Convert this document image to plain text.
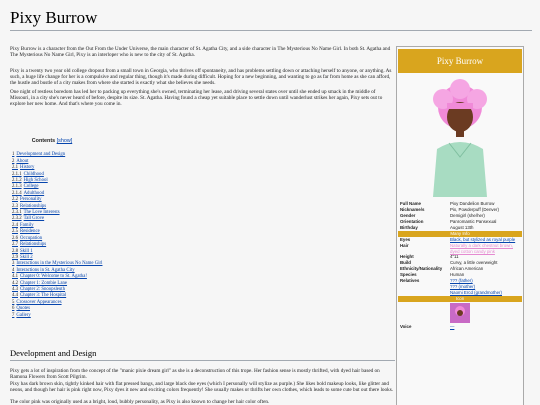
Pixy Burrow
Pixy Burrow is a character from the Out From the Under Universe, the main character of St. Agatha City, and a side character in The Mysterious No Name Girl. In both St. Agatha and The Mysterious No Name Girl, Pixy is an interloper who is new to the city of St. Agatha.
Pixy is a twenty two year old college dropout from a small town in Georgia, who thrives off spontaneity, and has problems settling down or attaching herself to anyone, or anything. As such, a huge life change for her is a compulsive and regular thing, though it's made during difficult. Hoping for a new beginning, and wanting to go as far from home as she can afford, the hustle and bustle of a city makes from where she started is exactly what she believes she needs.
One night of restless boredom has led her to packing up everything she's owned, terminating her lease, and driving several states over until she ended up smack in the middle of Missouri, in a city she's never heard of before, despite its size. St. Agatha. Having found a cheap yet suitable place to settle down until wanderlust strikes her again, Pixy sets out to explore her new home. And that's where you come in.
Contents [show]
1 Development and Design
2 About
2.1 History
2.1.1 Childhood
2.1.2 High School
2.1.3 College
2.1.4 Adulthood
2.2 Personality
2.3 Relationships
2.3.1 The Love Interests
2.3.2 Tall Grove
2.4 Family
2.5 Residence
2.6 Occupation
2.7 Relationships
2.8 Skill 1
2.9 Skill 2
3 Interactions in the Mysterious No Name Girl
4 Interactions in St. Agatha City
4.1 Chapter 0: Welcome to St. Agatha!
4.2 Chapter 1: Zombie Lane
4.3 Chapter 2: Snoopsleuth
4.4 Chapter 3: The Hospital
5 Crossover Appearances
6 Quotes
7 Gallery
Development and Design
Pixy gets a lot of inspiration from the concept of the "manic pixie dream girl" as she is a deconstruction of this trope. Her fashion sense is mostly thrifted, with dyed hair based on Ramona Flowers from Scott Pilgrim.
Pixy has dark brown skin, tightly kinked hair with flat pressed bangs, and large black doe eyes (which I personally will stylize as purple.) She likes bold makeup looks, like glitter and neons, and though her hair is pink right now, Pixy dyes it new and exciting colors frequently! She usually makes or thrifts her own clothes, which leads to some cute but out there looks.
The color pink was originally used as a bright, loud, bubbly personality, as Pixy is also known to change her hair color often.
Pixy Burrow
Full Name	Pixy Dandelion Burrow
Nickname/s	Pix, Powderpuff (Denver)
Gender	Demigirl (she/her)
Orientation	Panromantic Pansexual
Birthday	August 13th
Many Info
Eyes	Black, but stylized as royal purple
Hair	Naturally a dark chestnut brown, dyed cotton candy pink
Height	4"11
Build	Curvy, a little overweight
Ethnicity/Nationality	African American
Species	Human
Relatives	??? (father)
??? (mother)
Naomi Ercd (grandmother)
Icon
Voice	—
